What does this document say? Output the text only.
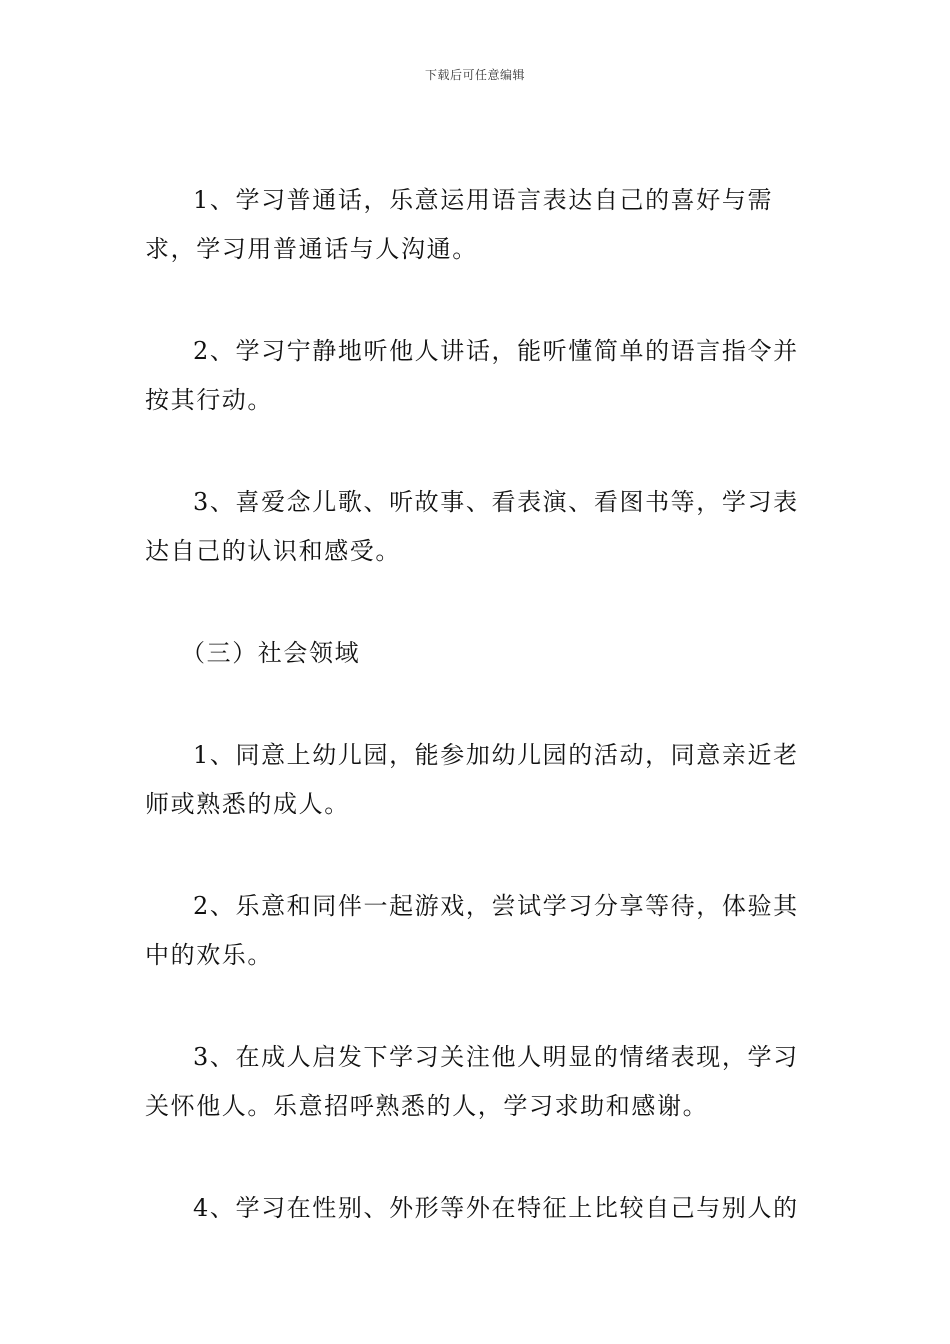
下载后可任意编辑

1、学习普通话，乐意运用语言表达自己的喜好与需求，学习用普通话与人沟通。

2、学习宁静地听他人讲话，能听懂简单的语言指令并按其行动。

3、喜爱念儿歌、听故事、看表演、看图书等，学习表达自己的认识和感受。

（三）社会领域

1、同意上幼儿园，能参加幼儿园的活动，同意亲近老师或熟悉的成人。

2、乐意和同伴一起游戏，尝试学习分享等待，体验其中的欢乐。

3、在成人启发下学习关注他人明显的情绪表现，学习关怀他人。乐意招呼熟悉的人，学习求助和感谢。

4、学习在性别、外形等外在特征上比较自己与别人的
